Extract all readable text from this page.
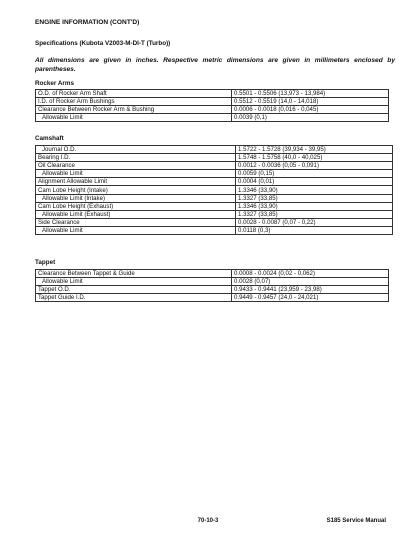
ENGINE INFORMATION (CONT'D)
Specifications (Kubota V2003-M-DI-T (Turbo))
All dimensions are given in inches. Respective metric dimensions are given in millimeters enclosed by parentheses.
Rocker Arms
O.D. of Rocker Arm Shaft	0.5501 - 0.5506 (13,973 - 13,984)
I.D. of Rocker Arm Bushings	0.5512 - 0.5519 (14,0 - 14,018)
Clearance Between Rocker Arm & Bushing	0.0006 - 0.0018 (0,016 - 0,045)
Allowable Limit	0.0039 (0,1)
Camshaft
Journal O.D.	1.5722 - 1.5728 (39,934 - 39,95)
Bearing I.D.	1.5748 - 1.5758 (40,0 - 40,025)
Oil Clearance	0.0012 - 0.0036 (0,05 - 0,091)
Allowable Limit	0.0059 (0,15)
Alignment Allowable Limit	0.0004 (0,01)
Cam Lobe Height (Intake)	1.3346 (33,90)
Allowable Limit (Intake)	1.3327 (33,85)
Cam Lobe Height (Exhaust)	1.3346 (33,90)
Allowable Limit (Exhaust)	1.3327 (33,85)
Side Clearance	0.0028 - 0.0087 (0,07 - 0,22)
Allowable Limit	0.0118 (0,3)
Tappet
Clearance Between Tappet & Guide	0.0008 - 0.0024 (0,02 - 0,062)
Allowable Limit	0.0028 (0,07)
Tappet O.D.	0.9433 - 0.9441 (23,959 - 23,98)
Tappet Guide I.D.	0.9449 - 0.9457 (24,0 - 24,021)
70-10-3	S185 Service Manual
